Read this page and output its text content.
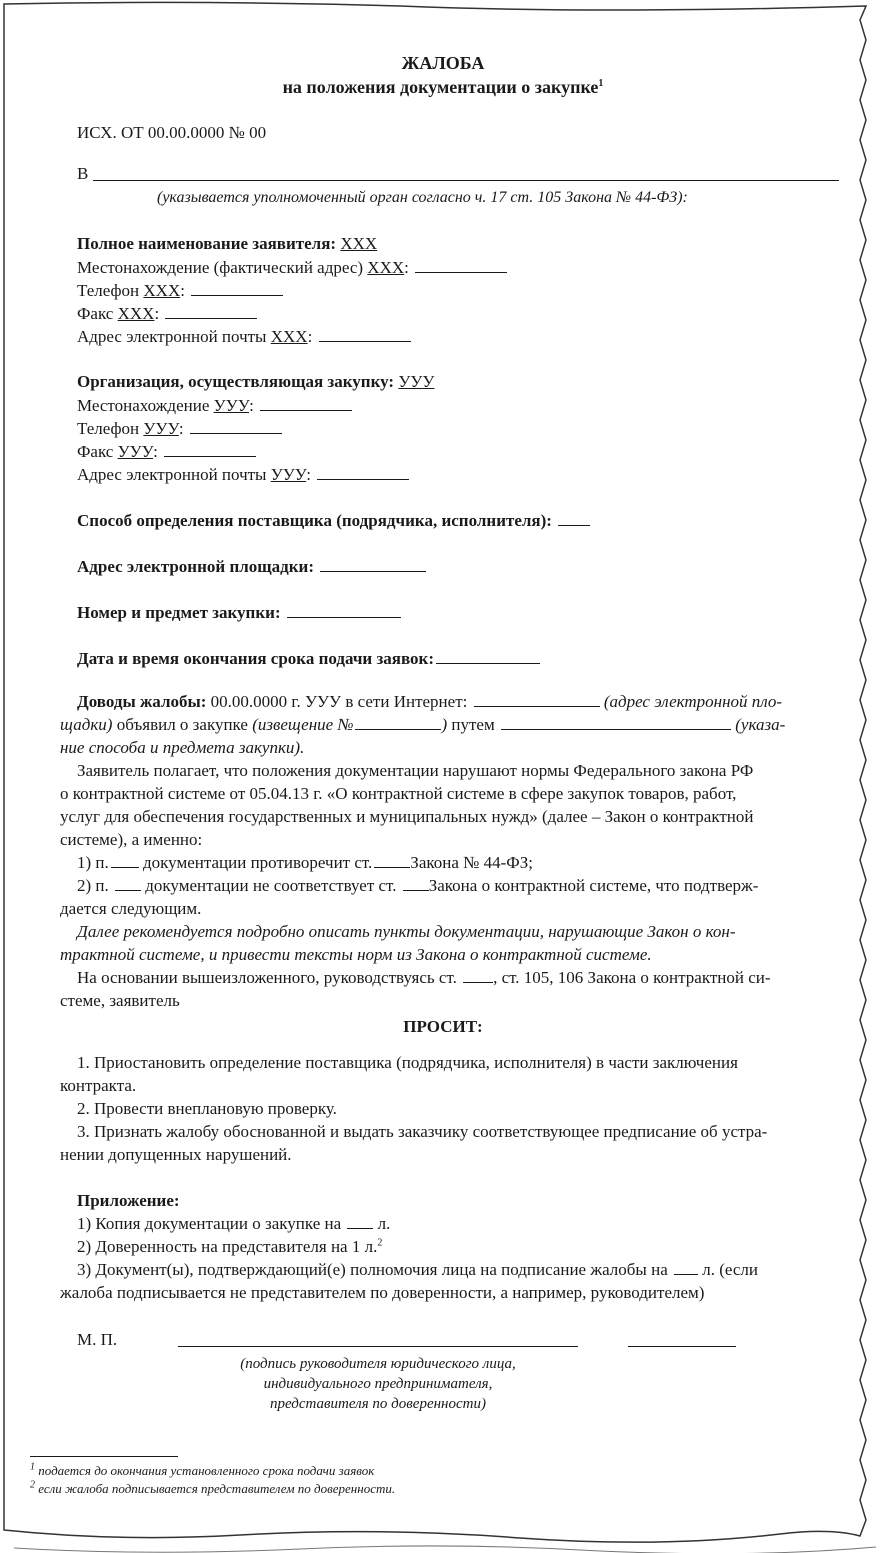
ЖАЛОБА
на положения документации о закупке$^1$
ИСХ. ОТ 00.00.0000 № 00
В
(указывается уполномоченный орган согласно ч. 17 ст. 105 Закона № 44-ФЗ):
Полное наименование заявителя: ХХХ
Местонахождение (фактический адрес) ХХХ:
Телефон ХХХ:
Факс ХХХ:
Адрес электронной почты ХХХ:
Организация, осуществляющая закупку: УУУ
Местонахождение УУУ:
Телефон УУУ:
Факс УУУ:
Адрес электронной почты УУУ:
Способ определения поставщика (подрядчика, исполнителя):
Адрес электронной площадки:
Номер и предмет закупки:
Дата и время окончания срока подачи заявок:
Доводы жалобы: 00.00.0000 г. УУУ в сети Интернет:	(адрес электронной пло-
щадки) объявил о закупке (извещение №	) путем	(указа-
ние способа и предмета закупки).
Заявитель полагает, что положения документации нарушают нормы Федерального закона РФ
о контрактной системе от 05.04.13 г. «О контрактной системе в сфере закупок товаров, работ,
услуг для обеспечения государственных и муниципальных нужд» (далее – Закон о контрактной
системе), а именно:
1) п. документации противоречит ст. Закона № 44-ФЗ;
2) п. документации не соответствует ст. Закона о контрактной системе, что подтверж-
дается следующим.
Далее рекомендуется подробно описать пункты документации, нарушающие Закон о кон-
трактной системе, и привести тексты норм из Закона о контрактной системе.
На основании вышеизложенного, руководствуясь ст. , ст. 105, 106 Закона о контрактной си-
стеме, заявитель
ПРОСИТ:
1. Приостановить определение поставщика (подрядчика, исполнителя) в части заключения
контракта.
2. Провести внеплановую проверку.
3. Признать жалобу обоснованной и выдать заказчику соответствующее предписание об устра-
нении допущенных нарушений.
Приложение:
1) Копия документации о закупке на л.
2) Доверенность на представителя на 1 л.$^2$
3) Документ(ы), подтверждающий(е) полномочия лица на подписание жалобы на л. (если
жалоба подписывается не представителем по доверенности, а например, руководителем)
М. П.
(подпись руководителя юридического лица,
индивидуального предпринимателя,
представителя по доверенности)
$^1$ подается до окончания установленного срока подачи заявок
$^2$ если жалоба подписывается представителем по доверенности.
